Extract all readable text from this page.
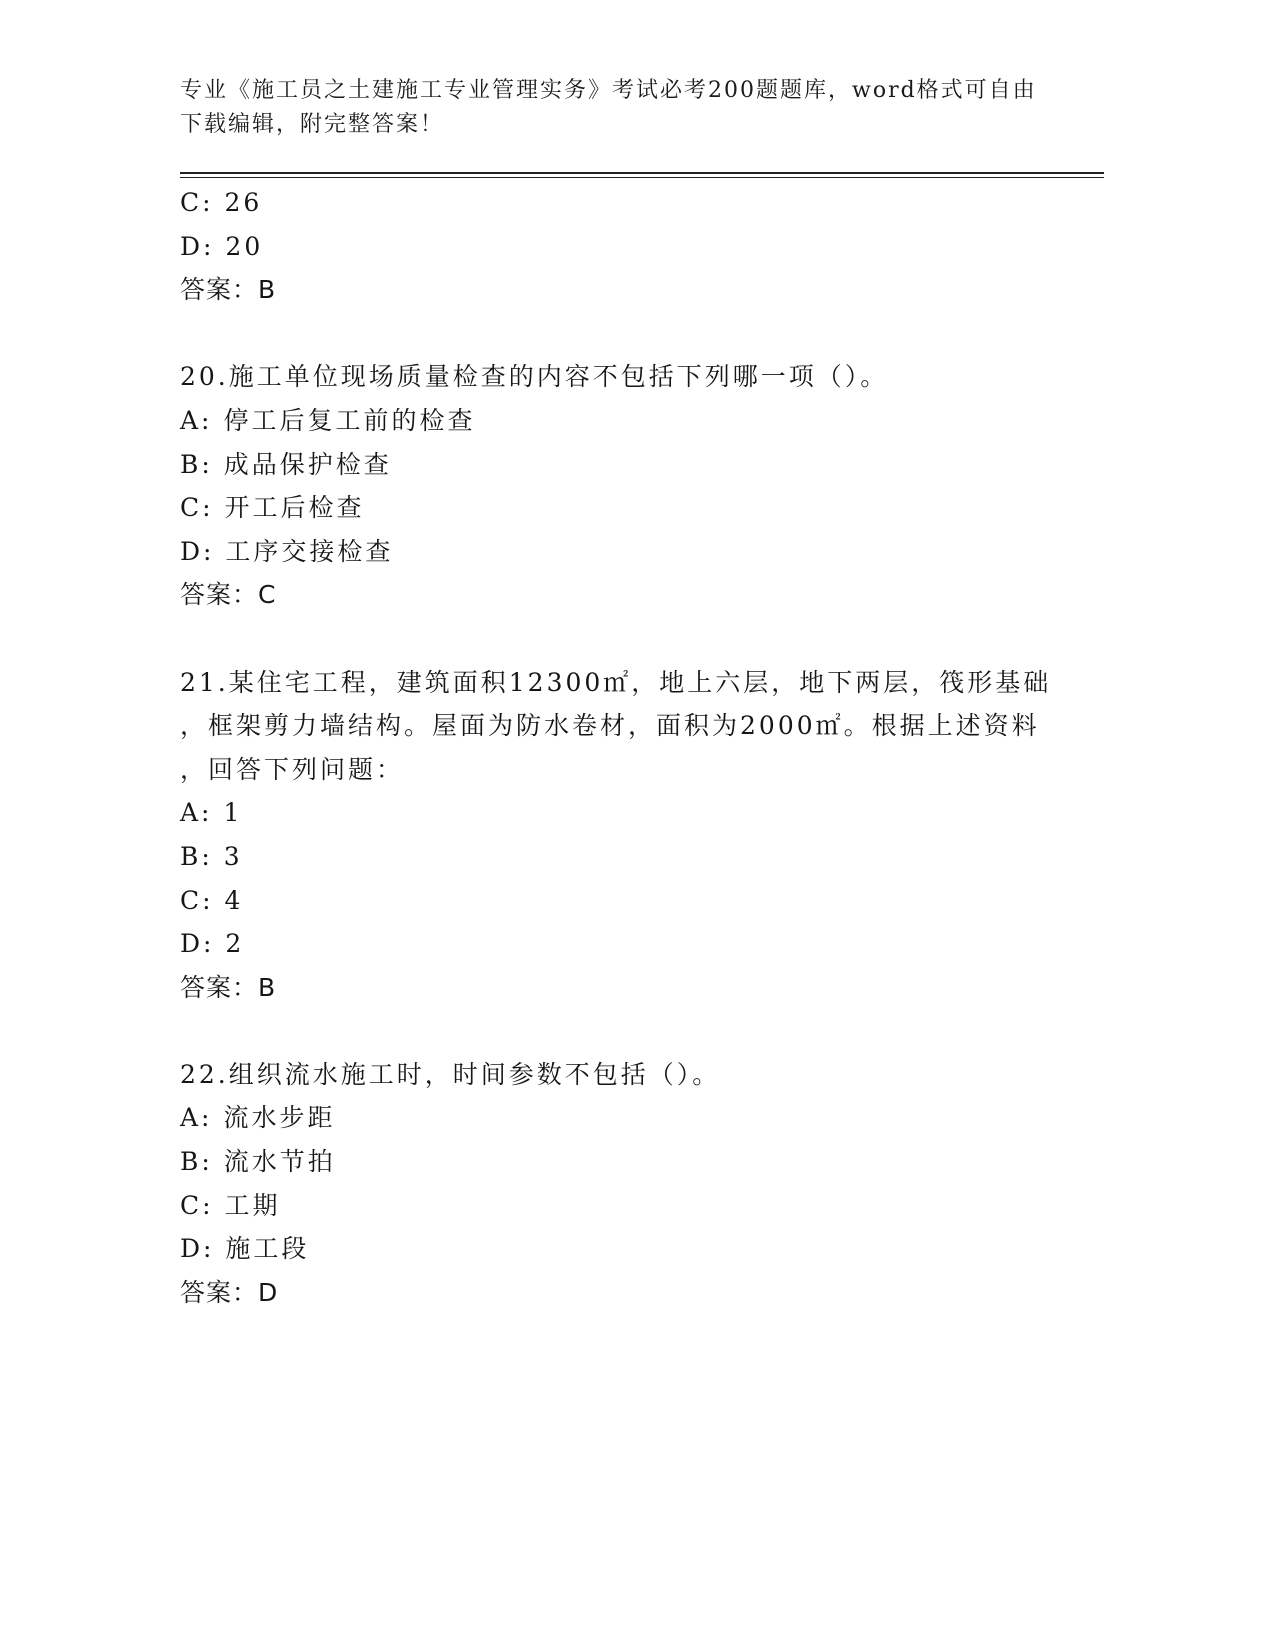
专业《施工员之土建施工专业管理实务》考试必考200题题库，word格式可自由下载编辑，附完整答案！
C: 26
D: 20
答案：B
20.施工单位现场质量检查的内容不包括下列哪一项（）。
A: 停工后复工前的检查
B: 成品保护检查
C: 开工后检查
D: 工序交接检查
答案：C
21.某住宅工程，建筑面积12300㎡，地上六层，地下两层，筏形基础
，框架剪力墙结构。屋面为防水卷材，面积为2000㎡。根据上述资料
，回答下列问题：
A: 1
B: 3
C: 4
D: 2
答案：B
22.组织流水施工时，时间参数不包括（）。
A: 流水步距
B: 流水节拍
C: 工期
D: 施工段
答案：D
